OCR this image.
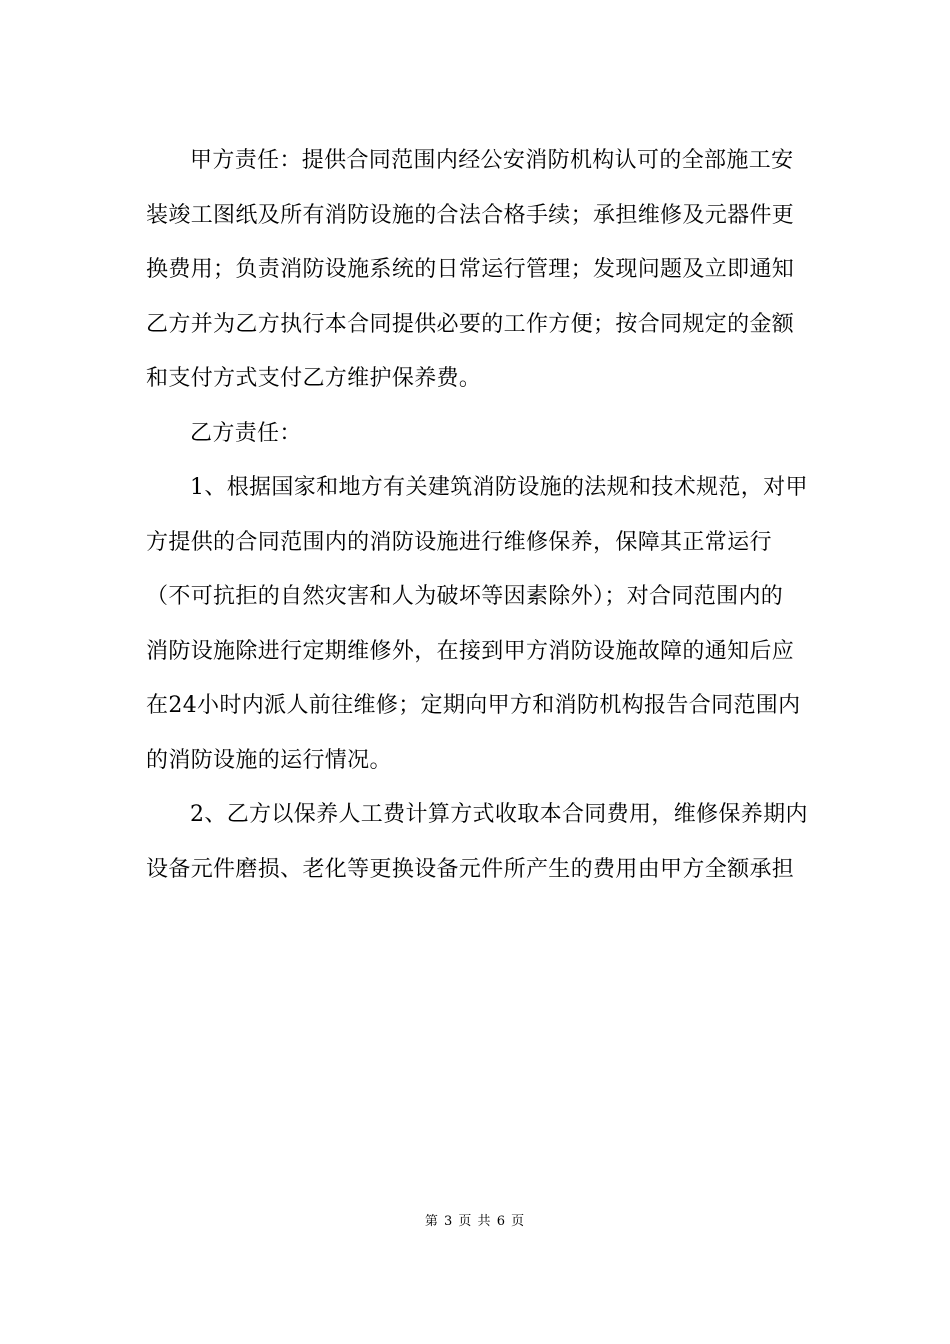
甲方责任：提供合同范围内经公安消防机构认可的全部施工安
装竣工图纸及所有消防设施的合法合格手续；承担维修及元器件更
换费用；负责消防设施系统的日常运行管理；发现问题及立即通知
乙方并为乙方执行本合同提供必要的工作方便；按合同规定的金额
和支付方式支付乙方维护保养费。
乙方责任：
1、根据国家和地方有关建筑消防设施的法规和技术规范，对甲
方提供的合同范围内的消防设施进行维修保养，保障其正常运行
（不可抗拒的自然灾害和人为破坏等因素除外）；对合同范围内的
消防设施除进行定期维修外，在接到甲方消防设施故障的通知后应
在24小时内派人前往维修；定期向甲方和消防机构报告合同范围内
的消防设施的运行情况。
2、乙方以保养人工费计算方式收取本合同费用，维修保养期内
设备元件磨损、老化等更换设备元件所产生的费用由甲方全额承担
第 3 页 共 6 页
